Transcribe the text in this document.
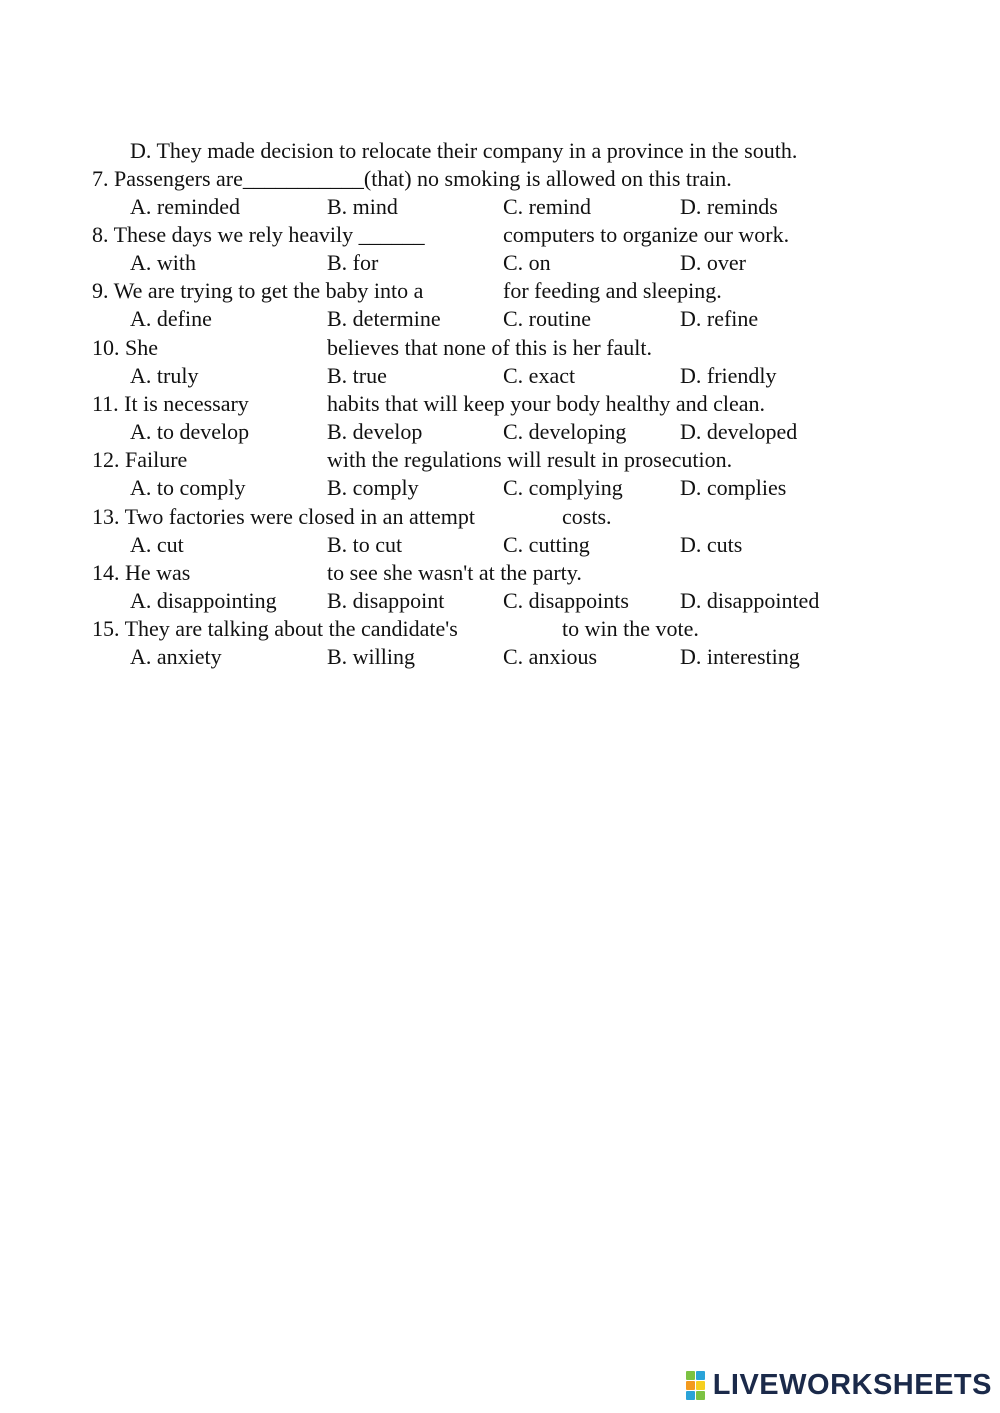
D. They made decision to relocate their company in a province in the south.
7. Passengers are___________(that) no smoking is allowed on this train.
A. reminded	B. mind	C. remind	D. reminds
8. These days we rely heavily ______	computers to organize our work.
A. with	B. for	C. on	D. over
9. We are trying to get the baby into a	for feeding and sleeping.
A. define	B. determine	C. routine	D. refine
10. She	believes that none of this is her fault.
A. truly	B. true	C. exact	D. friendly
11. It is necessary	habits that will keep your body healthy and clean.
A. to develop	B. develop	C. developing D. developed
12. Failure	with the regulations will result in prosecution.
A. to comply	B. comply	C. complying	D. complies
13. Two factories were closed in an attempt	costs.
A. cut	B. to cut	C. cutting	D. cuts
14. He was	to see she wasn't at the party.
A. disappointing B. disappoint	C. disappoints D. disappointed
15. They are talking about the candidate's	to win the vote.
A. anxiety	B. willing	C. anxious	D. interesting
LIVEWORKSHEETS
